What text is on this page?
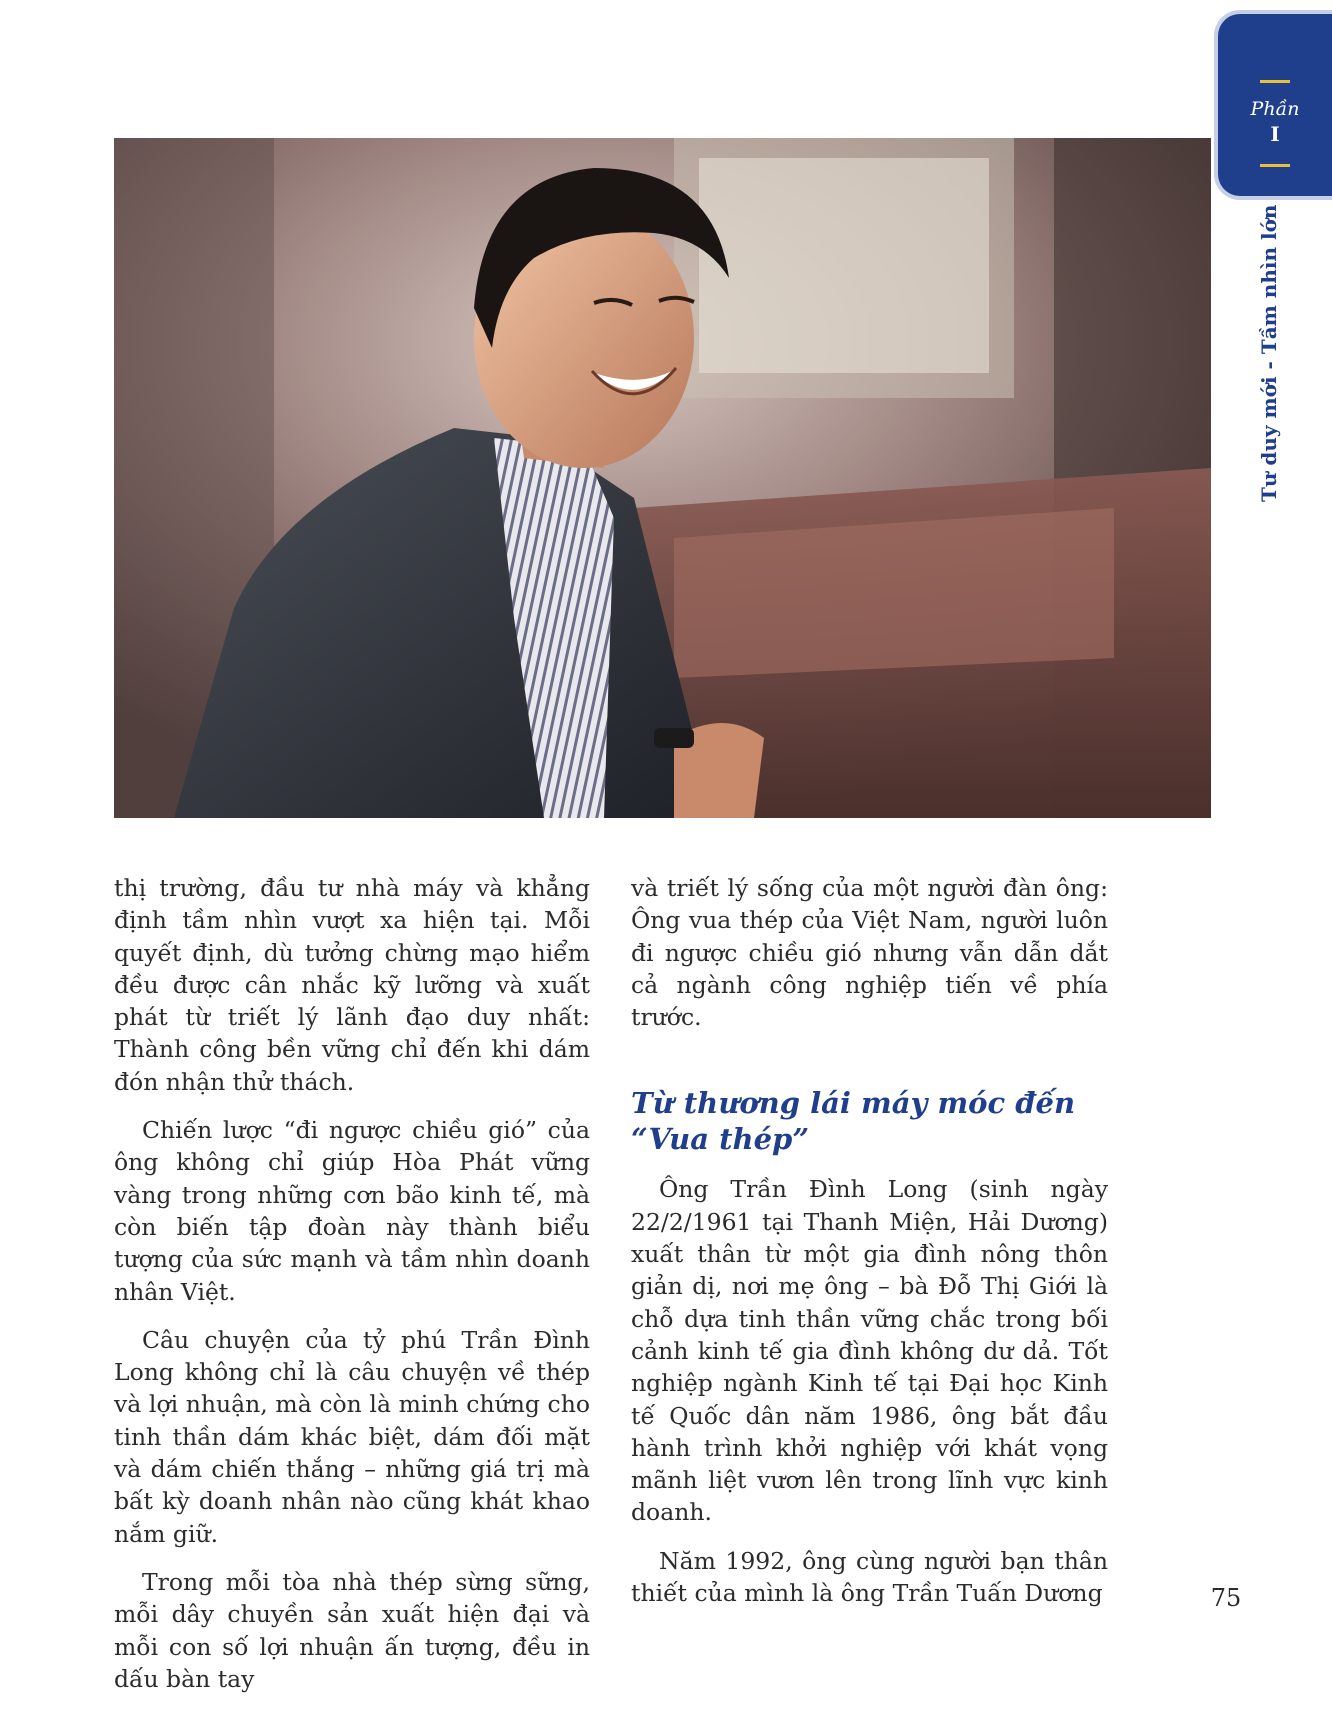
Phần
I
Tư duy mới - Tầm nhìn lớn

thị trường, đầu tư nhà máy và khẳng định tầm nhìn vượt xa hiện tại. Mỗi quyết định, dù tưởng chừng mạo hiểm đều được cân nhắc kỹ lưỡng và xuất phát từ triết lý lãnh đạo duy nhất: Thành công bền vững chỉ đến khi dám đón nhận thử thách.

Chiến lược “đi ngược chiều gió” của ông không chỉ giúp Hòa Phát vững vàng trong những cơn bão kinh tế, mà còn biến tập đoàn này thành biểu tượng của sức mạnh và tầm nhìn doanh nhân Việt.

Câu chuyện của tỷ phú Trần Đình Long không chỉ là câu chuyện về thép và lợi nhuận, mà còn là minh chứng cho tinh thần dám khác biệt, dám đối mặt và dám chiến thắng – những giá trị mà bất kỳ doanh nhân nào cũng khát khao nắm giữ.

Trong mỗi tòa nhà thép sừng sững, mỗi dây chuyền sản xuất hiện đại và mỗi con số lợi nhuận ấn tượng, đều in dấu bàn tay

và triết lý sống của một người đàn ông: Ông vua thép của Việt Nam, người luôn đi ngược chiều gió nhưng vẫn dẫn dắt cả ngành công nghiệp tiến về phía trước.

Từ thương lái máy móc đến “Vua thép”

Ông Trần Đình Long (sinh ngày 22/2/1961 tại Thanh Miện, Hải Dương) xuất thân từ một gia đình nông thôn giản dị, nơi mẹ ông – bà Đỗ Thị Giới là chỗ dựa tinh thần vững chắc trong bối cảnh kinh tế gia đình không dư dả. Tốt nghiệp ngành Kinh tế tại Đại học Kinh tế Quốc dân năm 1986, ông bắt đầu hành trình khởi nghiệp với khát vọng mãnh liệt vươn lên trong lĩnh vực kinh doanh.

Năm 1992, ông cùng người bạn thân thiết của mình là ông Trần Tuấn Dương	75
